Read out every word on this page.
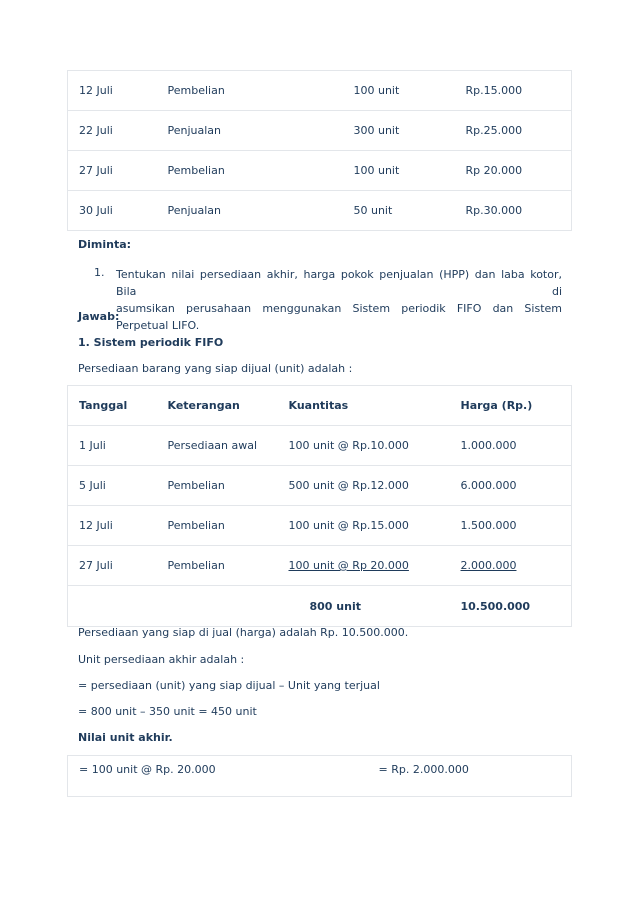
12 Juli	Pembelian	100 unit	Rp.15.000
22 Juli	Penjualan	300 unit	Rp.25.000
27 Juli	Pembelian	100 unit	Rp 20.000
30 Juli	Penjualan	50 unit	Rp.30.000
Diminta:
1. Tentukan nilai persediaan akhir, harga pokok penjualan (HPP) dan laba kotor, Bila di
asumsikan perusahaan menggunakan Sistem periodik FIFO dan Sistem Perpetual LIFO.
Jawab:
1. Sistem periodik FIFO
Persediaan barang yang siap dijual (unit) adalah :
Tanggal	Keterangan	Kuantitas	Harga (Rp.)
1 Juli	Persediaan awal	100 unit @ Rp.10.000	1.000.000
5 Juli	Pembelian	500 unit @ Rp.12.000	6.000.000
12 Juli	Pembelian	100 unit @ Rp.15.000	1.500.000
27 Juli	Pembelian	100 unit @ Rp 20.000	2.000.000
		800 unit	10.500.000
Persediaan yang siap di jual (harga) adalah Rp. 10.500.000.
Unit persediaan akhir adalah :
= persediaan (unit) yang siap dijual – Unit yang terjual
= 800 unit – 350 unit = 450 unit
Nilai unit akhir.
= 100 unit @ Rp. 20.000	= Rp. 2.000.000
